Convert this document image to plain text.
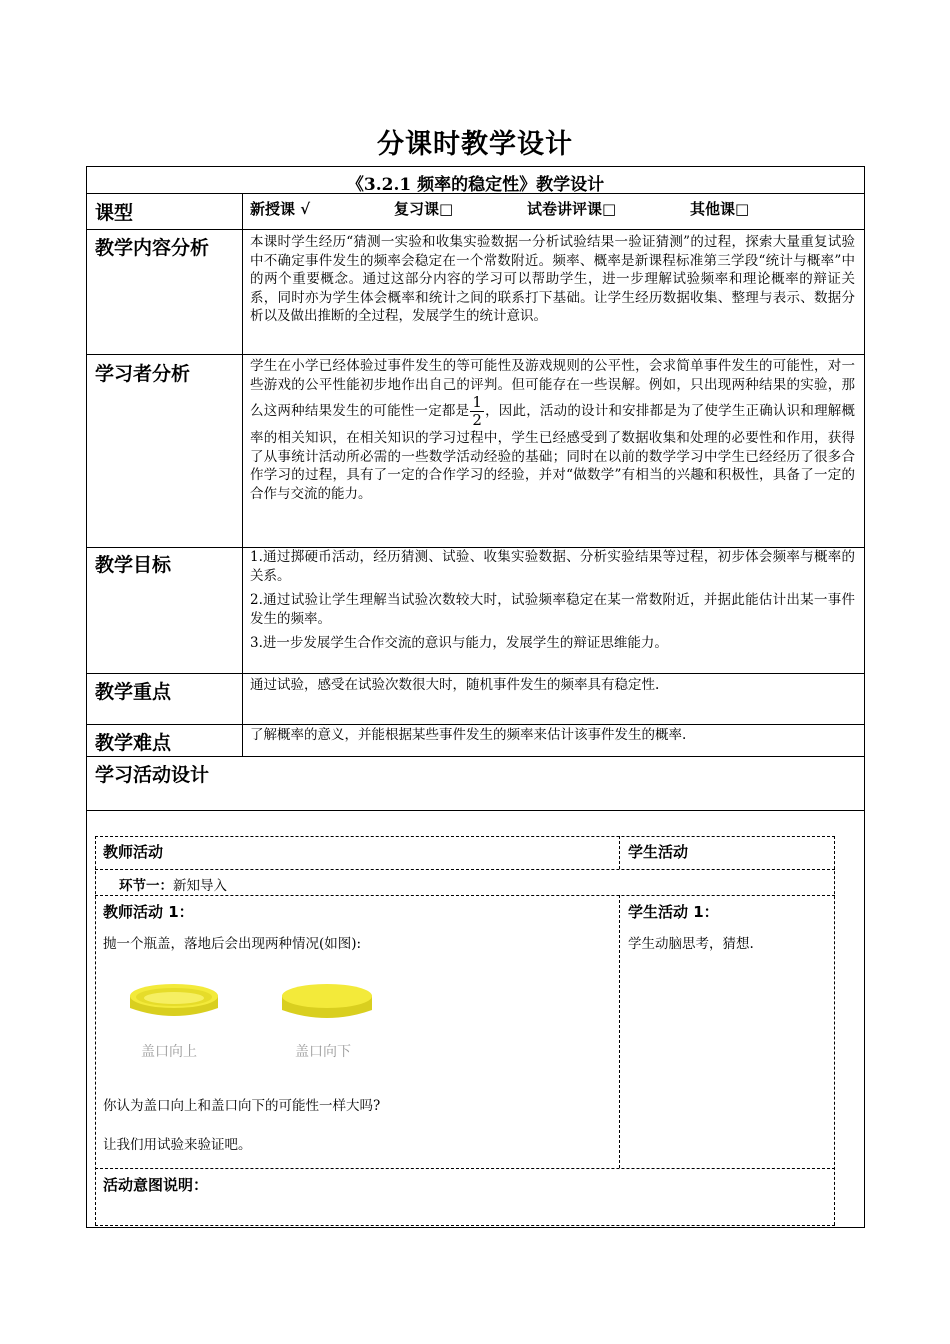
分课时教学设计
《3.2.1 频率的稳定性》教学设计
课型	新授课 √	复习课□	试卷讲评课□	其他课□
教学内容分析	本课时学生经历“猜测一实验和收集实验数据一分析试验结果一验证猜测”的过程，探索大量重复试验中不确定事件发生的频率会稳定在一个常数附近。频率、概率是新课程标准第三学段“统计与概率”中的两个重要概念。通过这部分内容的学习可以帮助学生，进一步理解试验频率和理论概率的辩证关系，同时亦为学生体会概率和统计之间的联系打下基础。让学生经历数据收集、整理与表示、数据分析以及做出推断的全过程，发展学生的统计意识。
学习者分析	学生在小学已经体验过事件发生的等可能性及游戏规则的公平性，会求简单事件发生的可能性，对一些游戏的公平性能初步地作出自己的评判。但可能存在一些误解。例如，只出现两种结果的实验，那么这两种结果发生的可能性一定都是 $\frac{1}{2}$ ，因此，活动的设计和安排都是为了使学生正确认识和理解概率的相关知识，在相关知识的学习过程中，学生已经感受到了数据收集和处理的必要性和作用，获得了从事统计活动所必需的一些数学活动经验的基础；同时在以前的数学学习中学生已经经历了很多合作学习的过程，具有了一定的合作学习的经验，并对“做数学”有相当的兴趣和积极性，具备了一定的合作与交流的能力。
教学目标	1.通过掷硬币活动，经历猜测、试验、收集实验数据、分析实验结果等过程，初步体会频率与概率的关系。
2.通过试验让学生理解当试验次数较大时，试验频率稳定在某一常数附近，并据此能估计出某一事件发生的频率。
3.进一步发展学生合作交流的意识与能力，发展学生的辩证思维能力。
教学重点	通过试验，感受在试验次数很大时，随机事件发生的频率具有稳定性.
教学难点	了解概率的意义，并能根据某些事件发生的频率来估计该事件发生的概率.
学习活动设计
教师活动	学生活动
环节一：新知导入
教师活动 1：
抛一个瓶盖，落地后会出现两种情况(如图):
盖口向上	盖口向下
你认为盖口向上和盖口向下的可能性一样大吗?
让我们用试验来验证吧。
学生活动 1：
学生动脑思考，猜想.
活动意图说明：
